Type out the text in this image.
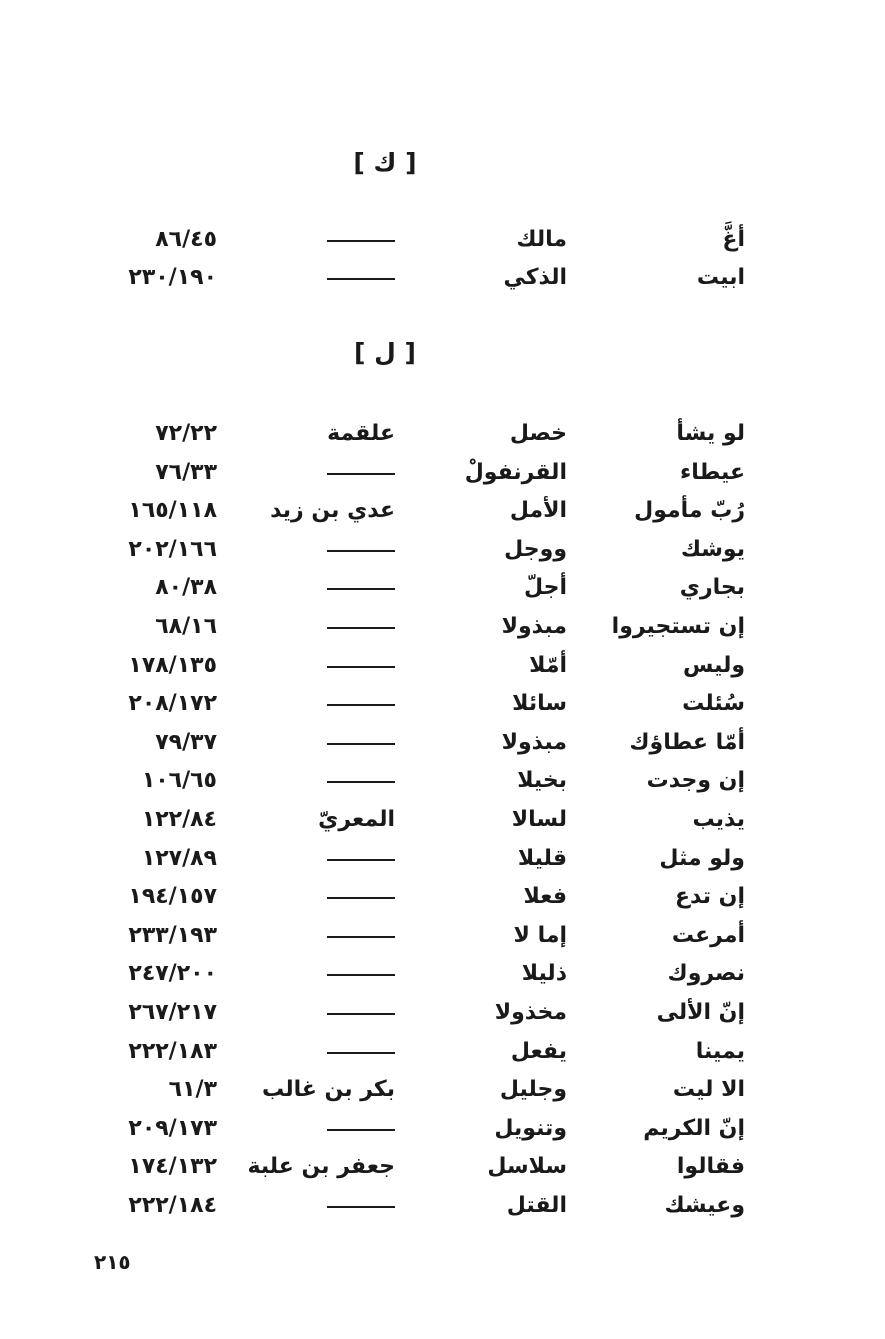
[ ك ]
أغَّ
مالك
٨٦/٤٥
ابيت
الذكي
٢٣٠/١٩٠
[ ل ]
لو يشأ
خصل
علقمة
٧٢/٢٢
عيطاء
القرنفولْ
٧٦/٣٣
رُبّ مأمول
الأمل
عدي بن زيد
١٦٥/١١٨
يوشك
ووجل
٢٠٢/١٦٦
بجاري
أجلّ
٨٠/٣٨
إن تستجيروا
مبذولا
٦٨/١٦
وليس
أمّلا
١٧٨/١٣٥
سُئلت
سائلا
٢٠٨/١٧٢
أمّا عطاؤك
مبذولا
٧٩/٣٧
إن وجدت
بخيلا
١٠٦/٦٥
يذيب
لسالا
المعريّ
١٢٢/٨٤
ولو مثل
قليلا
١٢٧/٨٩
إن تدع
فعلا
١٩٤/١٥٧
أمرعت
إما لا
٢٣٣/١٩٣
نصروك
ذليلا
٢٤٧/٢٠٠
إنّ الألى
مخذولا
٢٦٧/٢١٧
يمينا
يفعل
٢٢٢/١٨٣
الا ليت
وجليل
بكر بن غالب
٦١/٣
إنّ الكريم
وتنويل
٢٠٩/١٧٣
فقالوا
سلاسل
جعفر بن علبة
١٧٤/١٣٢
وعيشك
القتل
٢٢٢/١٨٤
٢١٥
